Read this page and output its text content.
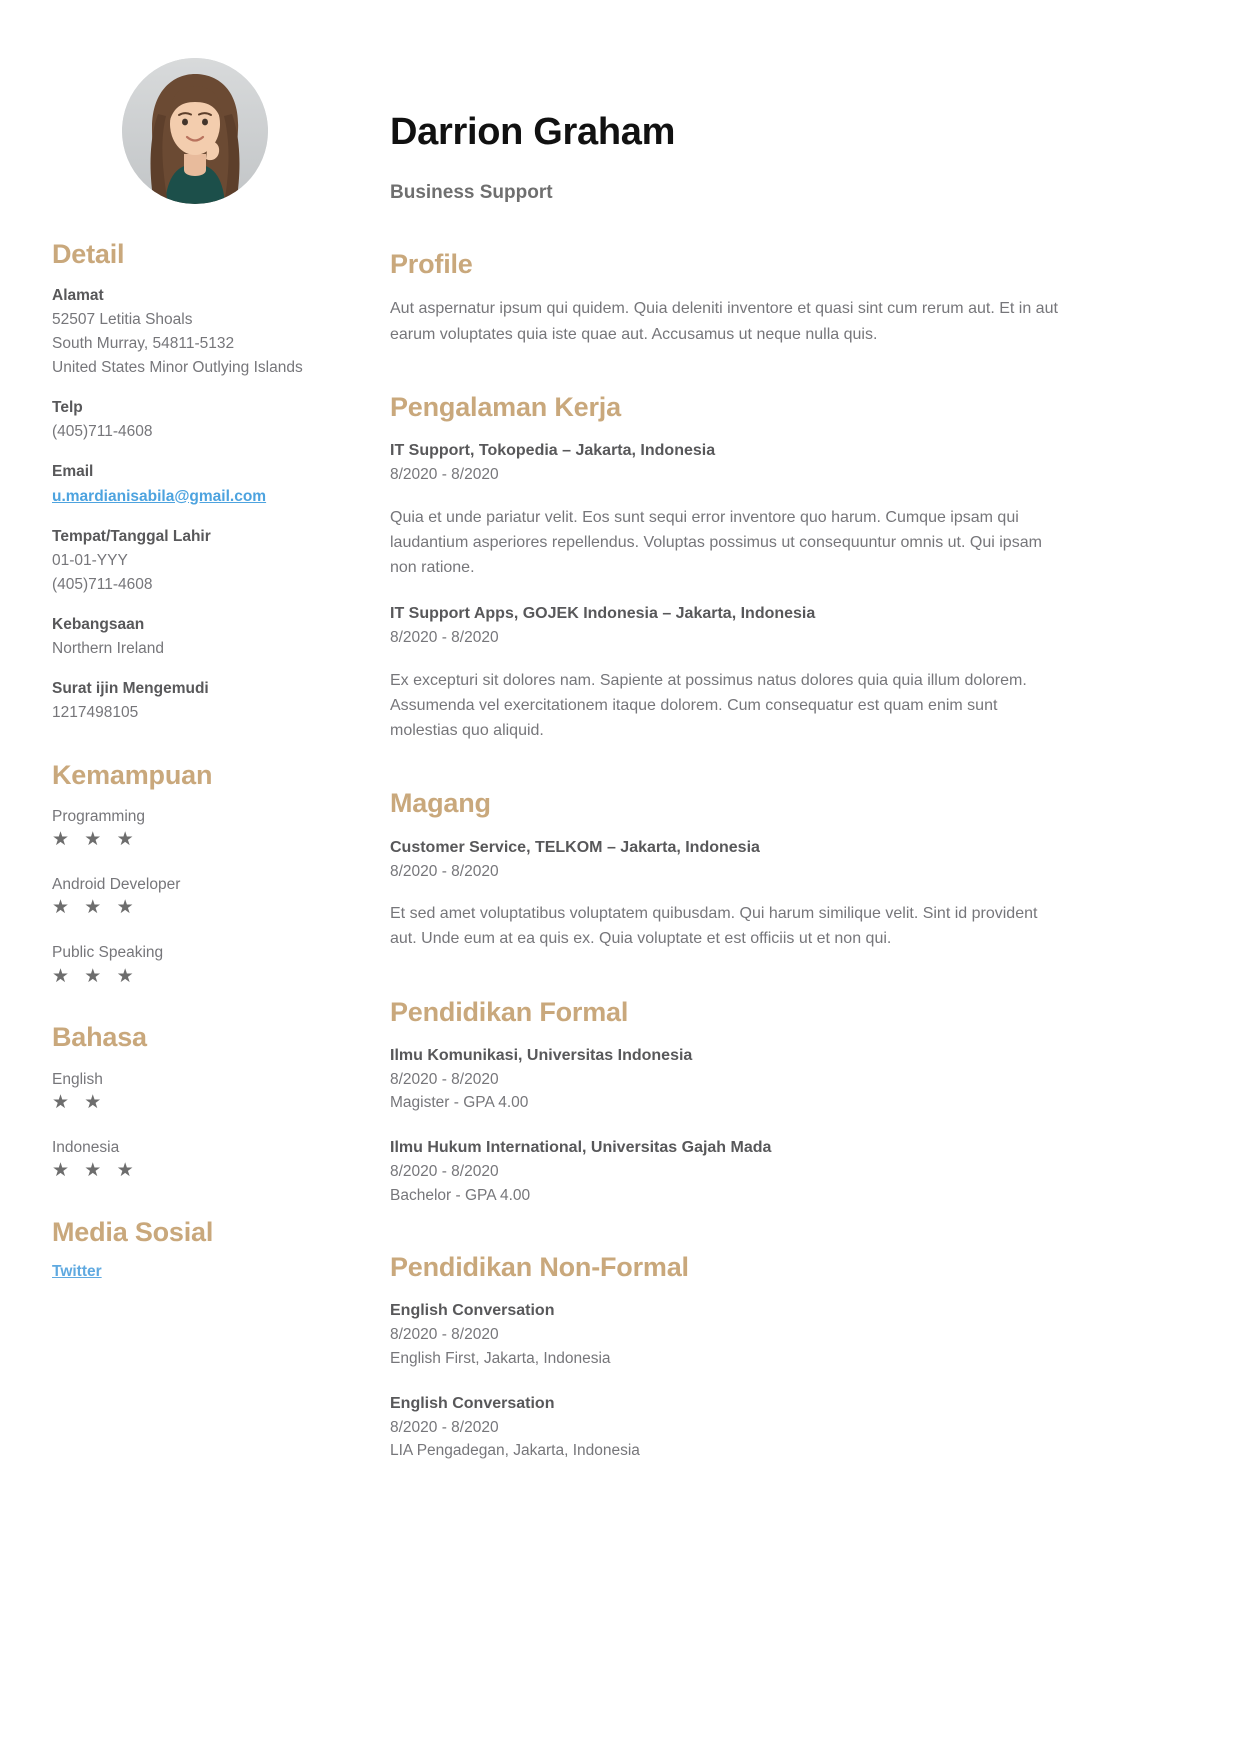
Darrion Graham
Business Support
Detail
Alamat
52507 Letitia Shoals
South Murray, 54811-5132
United States Minor Outlying Islands
Telp
(405)711-4608
Email
u.mardianisabila@gmail.com
Tempat/Tanggal Lahir
01-01-YYY
(405)711-4608
Kebangsaan
Northern Ireland
Surat ijin Mengemudi
1217498105
Kemampuan
Programming
★ ★ ★
Android Developer
★ ★ ★
Public Speaking
★ ★ ★
Bahasa
English
★ ★
Indonesia
★ ★ ★
Media Sosial
Twitter
Profile

Aut aspernatur ipsum qui quidem. Quia deleniti inventore et quasi sint cum rerum aut. Et in aut earum voluptates quia iste quae aut. Accusamus ut neque nulla quis.

Pengalaman Kerja
IT Support, Tokopedia – Jakarta, Indonesia
8/2020 - 8/2020

Quia et unde pariatur velit. Eos sunt sequi error inventore quo harum. Cumque ipsam qui laudantium asperiores repellendus. Voluptas possimus ut consequuntur omnis ut. Qui ipsam non ratione.

IT Support Apps, GOJEK Indonesia – Jakarta, Indonesia
8/2020 - 8/2020

Ex excepturi sit dolores nam. Sapiente at possimus natus dolores quia quia illum dolorem. Assumenda vel exercitationem itaque dolorem. Cum consequatur est quam enim sunt molestias quo aliquid.

Magang
Customer Service, TELKOM – Jakarta, Indonesia
8/2020 - 8/2020

Et sed amet voluptatibus voluptatem quibusdam. Qui harum similique velit. Sint id provident aut. Unde eum at ea quis ex. Quia voluptate et est officiis ut et non qui.

Pendidikan Formal
Ilmu Komunikasi, Universitas Indonesia
8/2020 - 8/2020
Magister - GPA 4.00
Ilmu Hukum International, Universitas Gajah Mada
8/2020 - 8/2020
Bachelor - GPA 4.00
Pendidikan Non-Formal
English Conversation
8/2020 - 8/2020
English First, Jakarta, Indonesia
English Conversation
8/2020 - 8/2020
LIA Pengadegan, Jakarta, Indonesia
